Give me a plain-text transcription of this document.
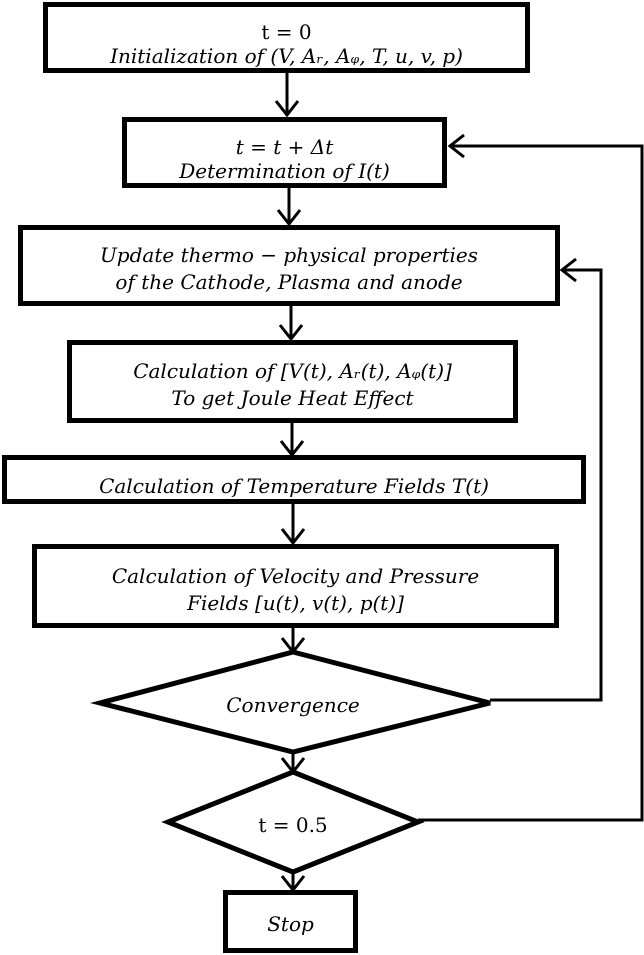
t = 0
Initialization of (V, Aᵣ, Aᵩ, T, u, v, p)
t = t + Δt
Determination of I(t)
Update thermo − physical properties
of the Cathode, Plasma and anode
Calculation of [V(t), Aᵣ(t), Aᵩ(t)]
To get Joule Heat Effect
Calculation of Temperature Fields T(t)
Calculation of Velocity and Pressure
Fields [u(t), v(t), p(t)]
Convergence
t = 0.5
Stop
